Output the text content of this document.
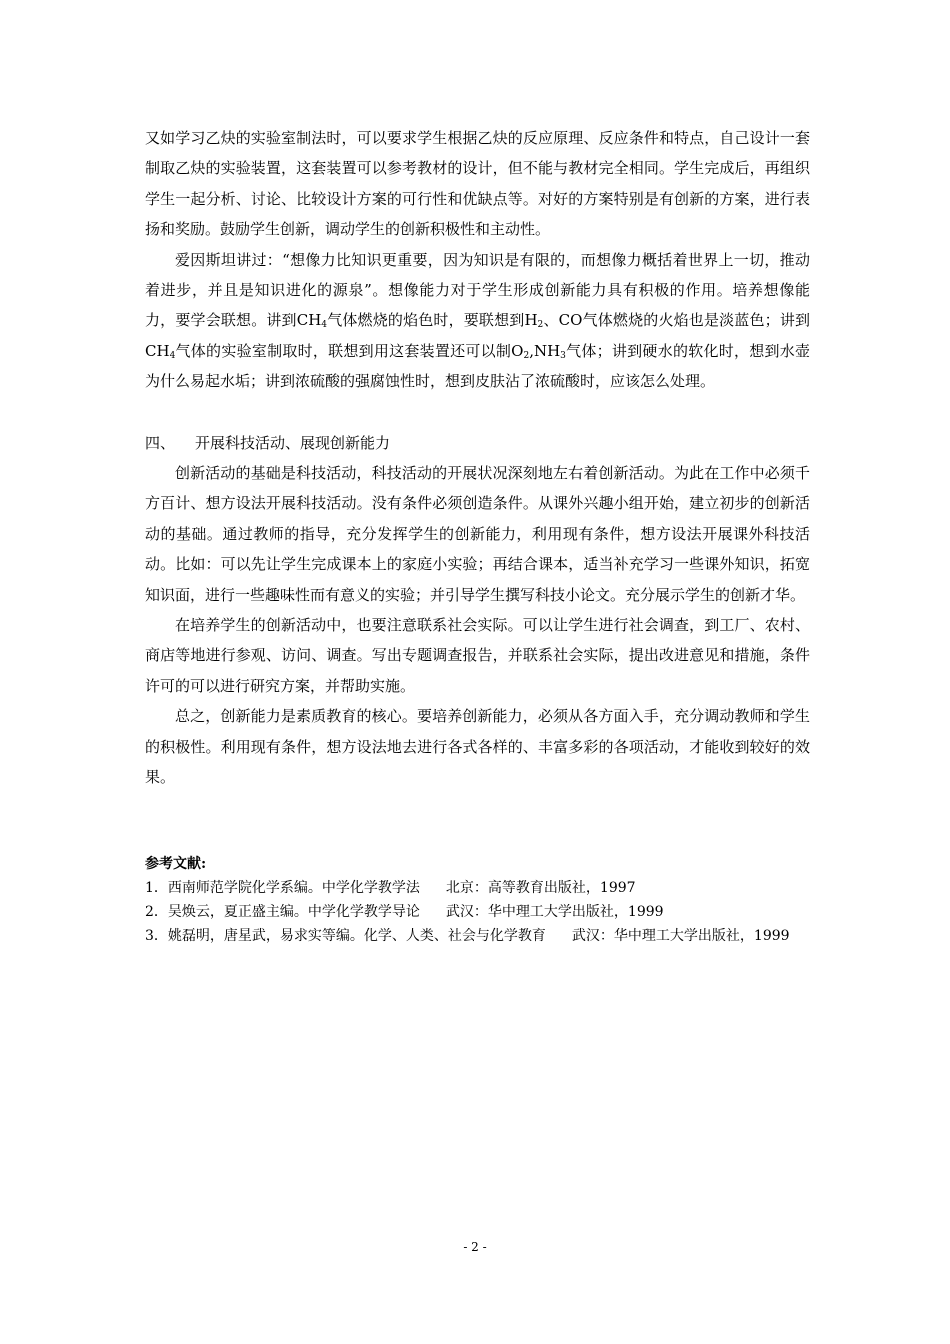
又如学习乙炔的实验室制法时，可以要求学生根据乙炔的反应原理、反应条件和特点，自己设计一套制取乙炔的实验装置，这套装置可以参考教材的设计，但不能与教材完全相同。学生完成后，再组织学生一起分析、讨论、比较设计方案的可行性和优缺点等。对好的方案特别是有创新的方案，进行表扬和奖励。鼓励学生创新，调动学生的创新积极性和主动性。

爱因斯坦讲过：“想像力比知识更重要，因为知识是有限的，而想像力概括着世界上一切，推动着进步，并且是知识进化的源泉”。想像能力对于学生形成创新能力具有积极的作用。培养想像能力，要学会联想。讲到$CH_4$气体燃烧的焰色时，要联想到$H_2$、CO气体燃烧的火焰也是淡蓝色；讲到$CH_4$气体的实验室制取时，联想到用这套装置还可以制$O_2,NH_3$气体；讲到硬水的软化时，想到水壶为什么易起水垢；讲到浓硫酸的强腐蚀性时，想到皮肤沾了浓硫酸时，应该怎么处理。

四、 开展科技活动、展现创新能力

创新活动的基础是科技活动，科技活动的开展状况深刻地左右着创新活动。为此在工作中必须千方百计、想方设法开展科技活动。没有条件必须创造条件。从课外兴趣小组开始，建立初步的创新活动的基础。通过教师的指导，充分发挥学生的创新能力，利用现有条件，想方设法开展课外科技活动。比如：可以先让学生完成课本上的家庭小实验；再结合课本，适当补充学习一些课外知识，拓宽知识面，进行一些趣味性而有意义的实验；并引导学生撰写科技小论文。充分展示学生的创新才华。

在培养学生的创新活动中，也要注意联系社会实际。可以让学生进行社会调查，到工厂、农村、商店等地进行参观、访问、调查。写出专题调查报告，并联系社会实际，提出改进意见和措施，条件许可的可以进行研究方案，并帮助实施。

总之，创新能力是素质教育的核心。要培养创新能力，必须从各方面入手，充分调动教师和学生的积极性。利用现有条件，想方设法地去进行各式各样的、丰富多彩的各项活动，才能收到较好的效果。

参考文献:

1．西南师范学院化学系编。中学化学教学法 北京：高等教育出版社，1997

2．吴焕云，夏正盛主编。中学化学教学导论 武汉：华中理工大学出版社，1999

3．姚磊明，唐星武，易求实等编。化学、人类、社会与化学教育 武汉：华中理工大学出版社，1999

- 2 -
